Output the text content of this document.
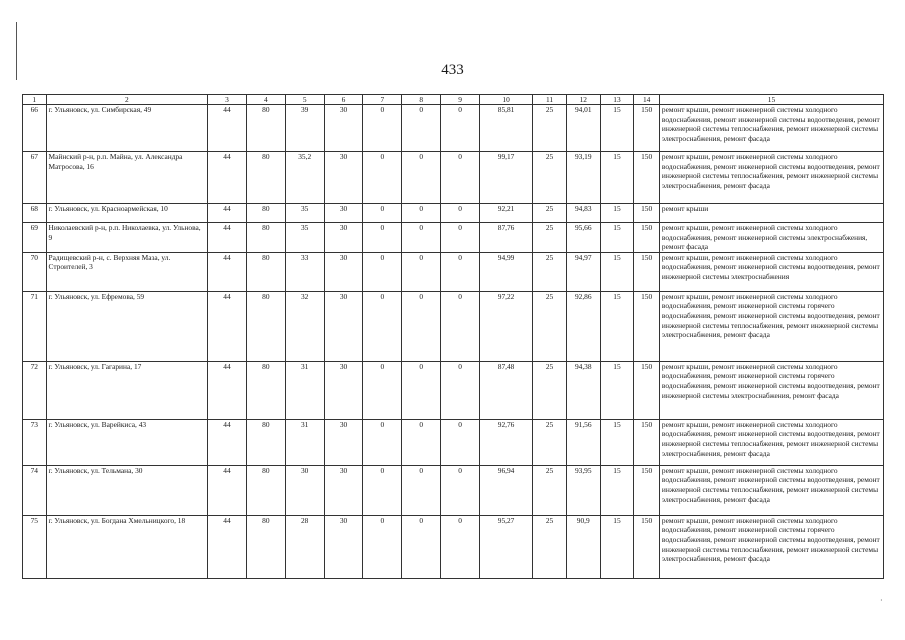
433
1	2	3	4	5	6	7	8	9	10	11	12	13	14	15
66	г. Ульяновск, ул. Симбирская, 49	44	80	39	30	0	0	0	85,81	25	94,01	15	150	ремонт крыши, ремонт инженерной системы холодного водоснабжения, ремонт инженерной системы водоотведения, ремонт инженерной системы теплоснабжения, ремонт инженерной системы электроснабжения, ремонт фасада
67	Майнский р-н, р.п. Майна, ул. Александра Матросова, 16	44	80	35,2	30	0	0	0	99,17	25	93,19	15	150	ремонт крыши, ремонт инженерной системы холодного водоснабжения, ремонт инженерной системы водоотведения, ремонт инженерной системы теплоснабжения, ремонт инженерной системы электроснабжения, ремонт фасада
68	г. Ульяновск, ул. Красноармейская, 10	44	80	35	30	0	0	0	92,21	25	94,83	15	150	ремонт крыши
69	Николаевский р-н, р.п. Николаевка, ул. Ульнова, 9	44	80	35	30	0	0	0	87,76	25	95,66	15	150	ремонт крыши, ремонт инженерной системы холодного водоснабжения, ремонт инженерной системы электроснабжения, ремонт фасада
70	Радищевский р-н, с. Верхняя Маза, ул. Строителей, 3	44	80	33	30	0	0	0	94,99	25	94,97	15	150	ремонт крыши, ремонт инженерной системы холодного водоснабжения, ремонт инженерной системы водоотведения, ремонт инженерной системы электроснабжения
71	г. Ульяновск, ул. Ефремова, 59	44	80	32	30	0	0	0	97,22	25	92,86	15	150	ремонт крыши, ремонт инженерной системы холодного водоснабжения, ремонт инженерной системы горячего водоснабжения, ремонт инженерной системы водоотведения, ремонт инженерной системы теплоснабжения, ремонт инженерной системы электроснабжения, ремонт фасада
72	г. Ульяновск, ул. Гагарина, 17	44	80	31	30	0	0	0	87,48	25	94,38	15	150	ремонт крыши, ремонт инженерной системы холодного водоснабжения, ремонт инженерной системы горячего водоснабжения, ремонт инженерной системы водоотведения, ремонт инженерной системы электроснабжения, ремонт фасада
73	г. Ульяновск, ул. Варейкиса, 43	44	80	31	30	0	0	0	92,76	25	91,56	15	150	ремонт крыши, ремонт инженерной системы холодного водоснабжения, ремонт инженерной системы водоотведения, ремонт инженерной системы теплоснабжения, ремонт инженерной системы электроснабжения, ремонт фасада
74	г. Ульяновск, ул. Тельмана, 30	44	80	30	30	0	0	0	96,94	25	93,95	15	150	ремонт крыши, ремонт инженерной системы холодного водоснабжения, ремонт инженерной системы водоотведения, ремонт инженерной системы теплоснабжения, ремонт инженерной системы электроснабжения, ремонт фасада
75	г. Ульяновск, ул. Богдана Хмельницкого, 18	44	80	28	30	0	0	0	95,27	25	90,9	15	150	ремонт крыши, ремонт инженерной системы холодного водоснабжения, ремонт инженерной системы горячего водоснабжения, ремонт инженерной системы водоотведения, ремонт инженерной системы теплоснабжения, ремонт инженерной системы электроснабжения, ремонт фасада
·
